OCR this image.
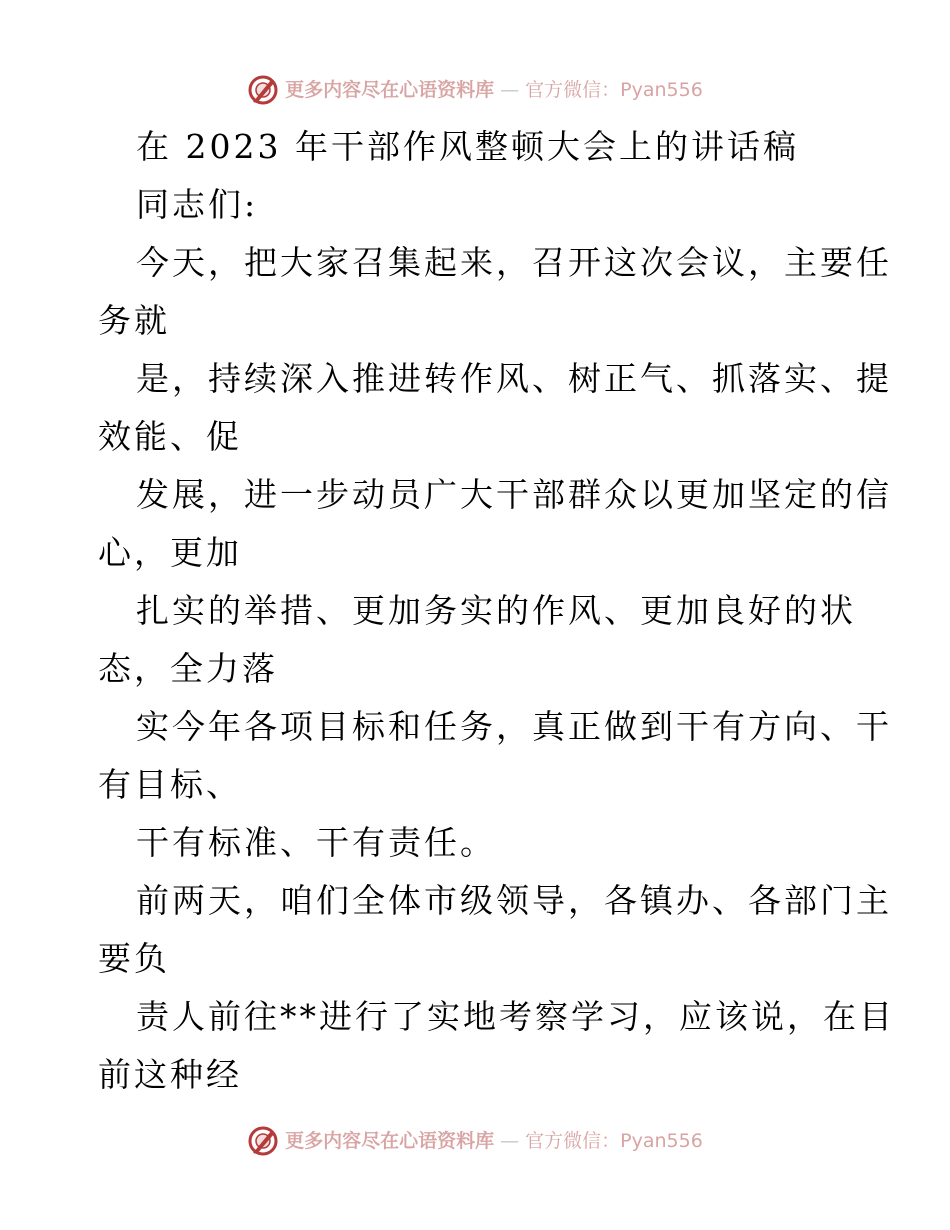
更多内容尽在心语资料库 — 官方微信：Pyan556
在 2023 年干部作风整顿大会上的讲话稿
同志们:
今天，把大家召集起来，召开这次会议，主要任
务就
是，持续深入推进转作风、树正气、抓落实、提
效能、促
发展，进一步动员广大干部群众以更加坚定的信
心，更加
扎实的举措、更加务实的作风、更加良好的状
态，全力落
实今年各项目标和任务，真正做到干有方向、干
有目标、
干有标准、干有责任。
前两天，咱们全体市级领导，各镇办、各部门主
要负
责人前往**进行了实地考察学习，应该说，在目
前这种经
更多内容尽在心语资料库 — 官方微信：Pyan556
